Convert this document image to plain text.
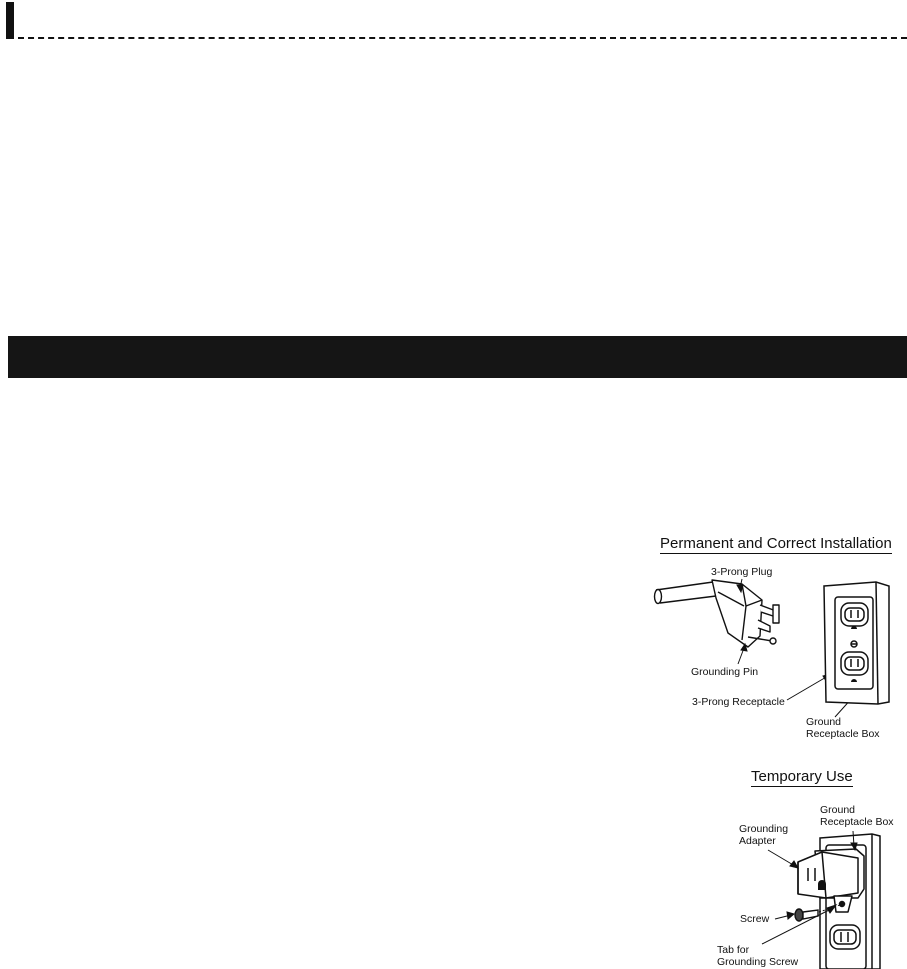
Permanent and Correct Installation
3-Prong Plug
Grounding Pin
3-Prong Receptacle
Ground
Receptacle Box
Temporary Use
Ground
Receptacle Box
Grounding
Adapter
Screw
Tab for
Grounding Screw
